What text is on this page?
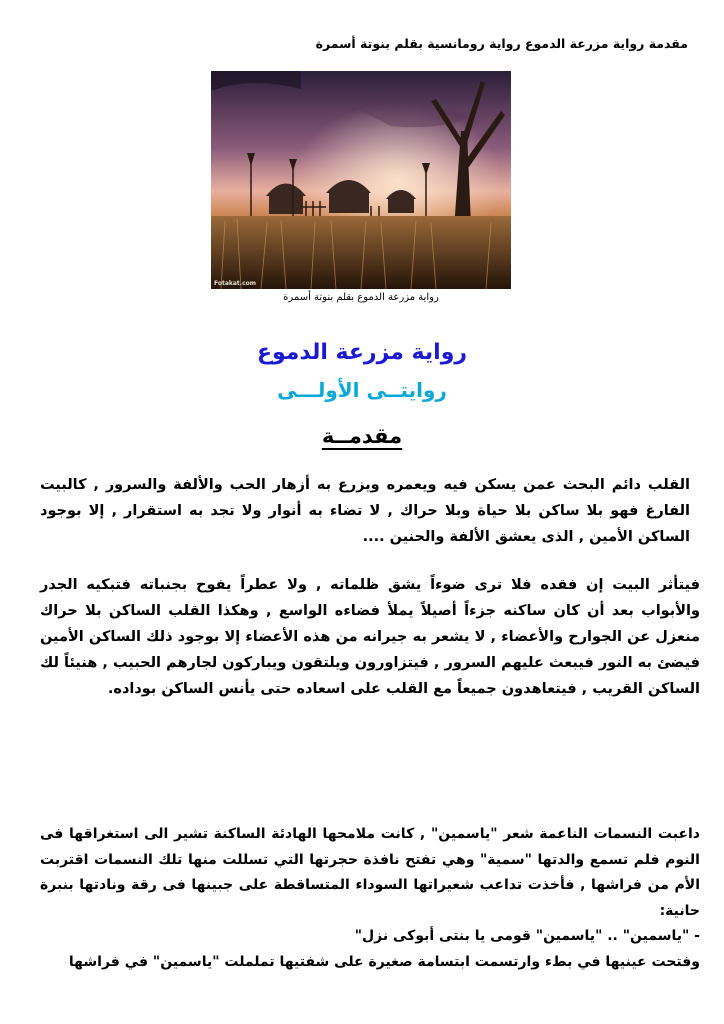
مقدمة رواية مزرعة الدموع رواية رومانسية بقلم بنوتة أسمرة
Fotakat.com
رواية مزرعة الدموع بقلم بنوتة أسمرة
رواية مزرعة الدموع
روايتــى الأولـــى
مقدمــة
القلب دائم البحث عمن يسكن فيه ويعمره ويزرع به أزهار الحب والألفة والسرور , كالبيت الفارغ فهو بلا ساكن بلا حياة وبلا حراك , لا تضاء به أنوار ولا تجد به استقرار , إلا بوجود الساكن الأمين , الذى يعشق الألفة والحنين ....
فيتأثر البيت إن فقده فلا ترى ضوءاً يشق ظلماته , ولا عطراً يفوح بجنباته فتبكيه الجدر والأبواب بعد أن كان ساكنه جزءاً أصيلاً يملأ فضاءه الواسع , وهكذا القلب الساكن بلا حراك منعزل عن الجوارح والأعضاء , لا يشعر به جيرانه من هذه الأعضاء إلا بوجود ذلك الساكن الأمين فيضئ به النور فيبعث عليهم السرور , فيتزاورون ويلتقون ويباركون لجارهم الحبيب , هنيئاً لك الساكن القريب , فيتعاهدون جميعاً مع القلب على اسعاده حتى يأنس الساكن بوداده.

داعبت النسمات الناعمة شعر "ياسمين" , كانت ملامحها الهادئة الساكنة تشير الى استغراقها فى النوم فلم تسمع والدتها "سمية" وهي تفتح نافذة حجرتها التي تسللت منها تلك النسمات اقتربت الأم من فراشها , فأخذت تداعب شعيراتها السوداء المتساقطة على جبينها فى رقة ونادتها بنبرة حانية:

- "ياسمين" .. "ياسمين" قومى يا بنتى أبوكى نزل"

وفتحت عينيها في بطء وارتسمت ابتسامة صغيرة على شفتيها تململت "ياسمين" في فراشها
